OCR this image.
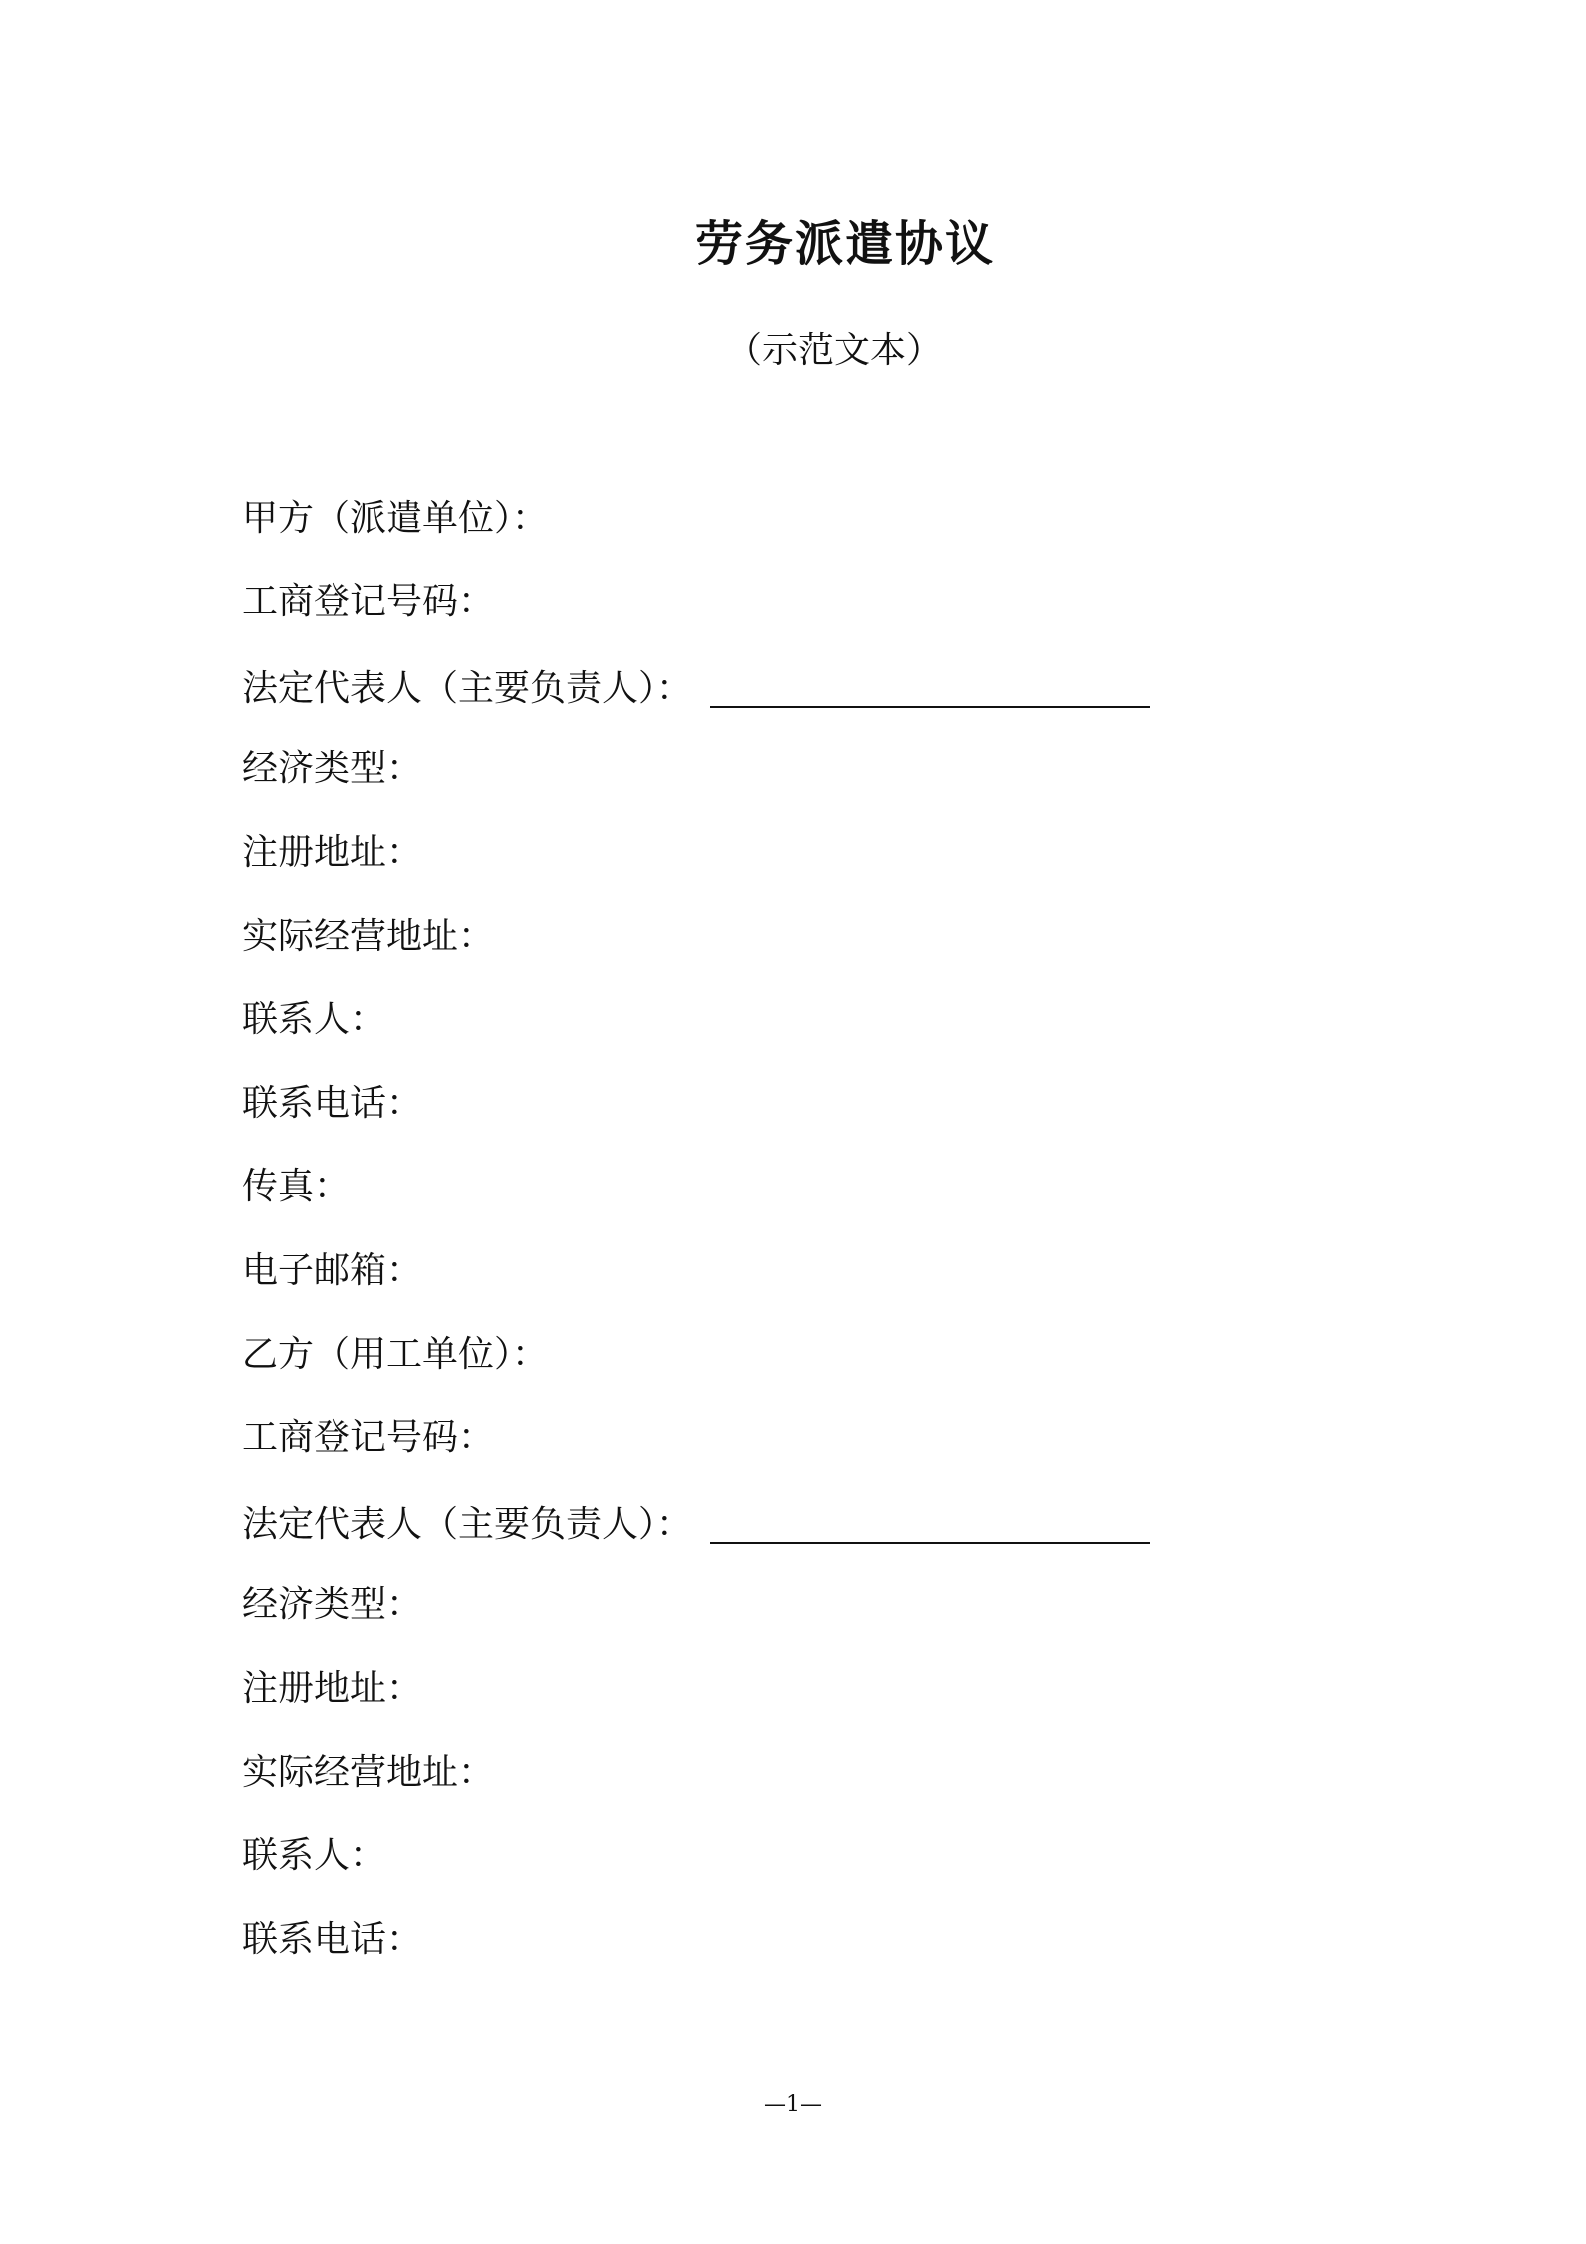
劳务派遣协议
（示范文本）
甲方（派遣单位）：
工商登记号码：
法定代表人（主要负责人）：
经济类型：
注册地址：
实际经营地址：
联系人：
联系电话：
传真：
电子邮箱：
乙方（用工单位）：
工商登记号码：
法定代表人（主要负责人）：
经济类型：
注册地址：
实际经营地址：
联系人：
联系电话：
—1—
